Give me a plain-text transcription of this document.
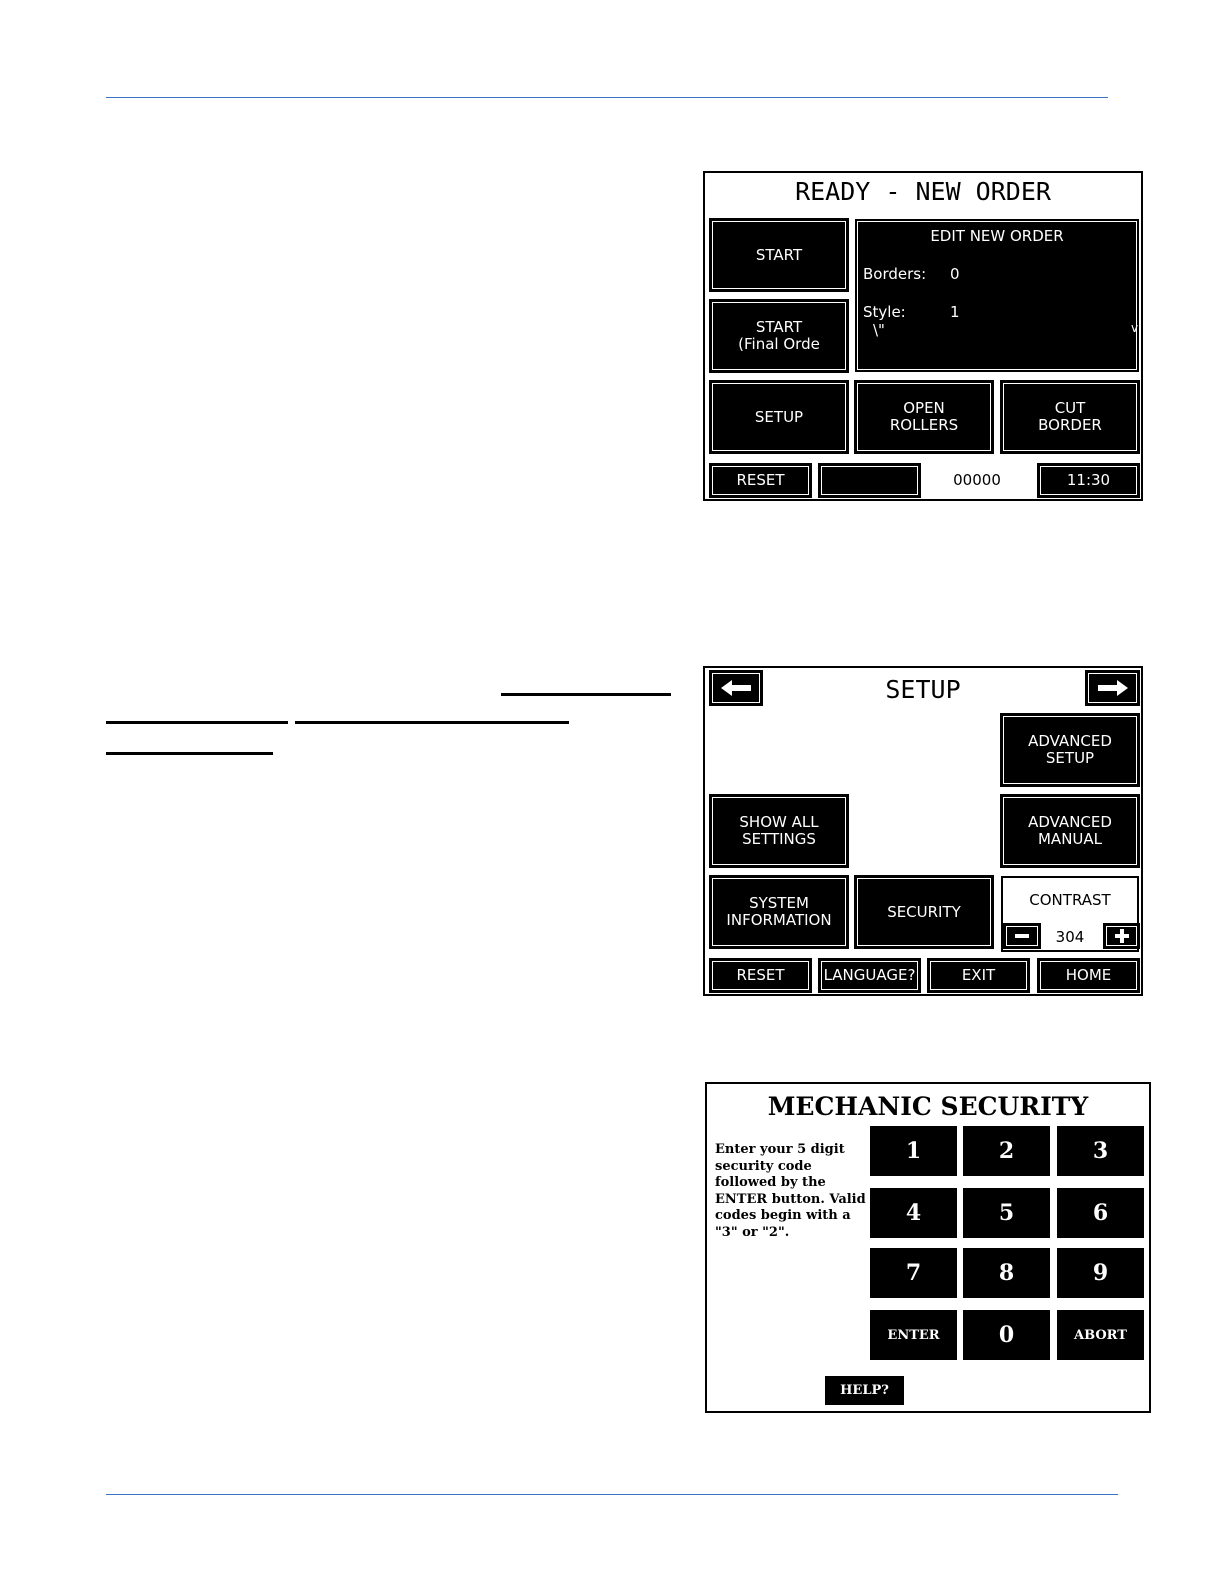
READY - NEW ORDER
START
START
(Final Orde
EDIT NEW ORDER
Borders: 0
Style:	1
\"	v
SETUP	OPEN
ROLLERS
CUT
BORDER
RESET	00000	11:30
SETUP
ADVANCED
SETUP
SHOW ALL
SETTINGS
ADVANCED
MANUAL
SYSTEM
INFORMATION	SECURITY
CONTRAST
304
RESET	LANGUAGE?	EXIT	HOME
MECHANIC SECURITY
Enter your 5 digit security code followed by the ENTER button. Valid codes begin with a "3" or "2".
1	2	3
4	5	6
7	8	9
ENTER	0	ABORT
HELP?
